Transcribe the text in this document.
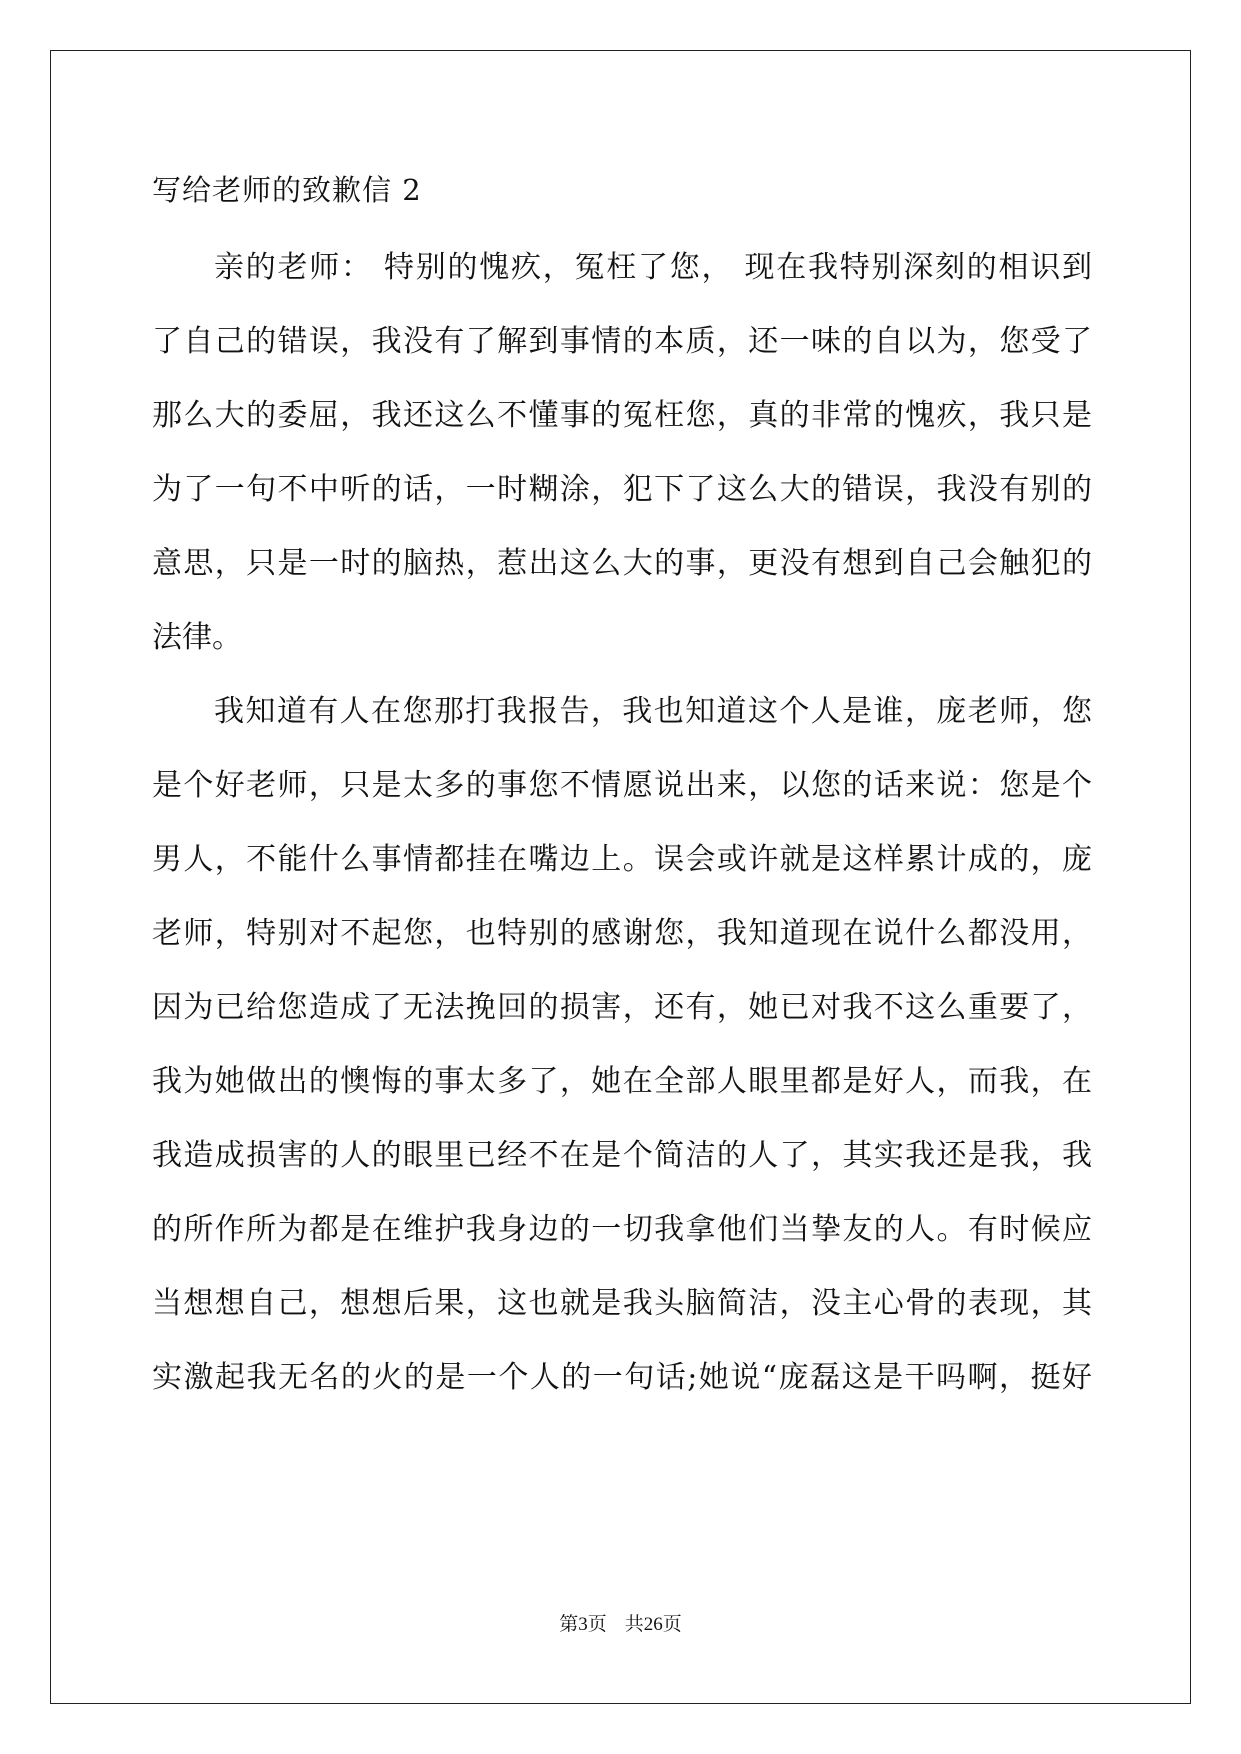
写给老师的致歉信 2
亲的老师： 特别的愧疚，冤枉了您， 现在我特别深刻的相识到
了自己的错误，我没有了解到事情的本质，还一味的自以为，您受了
那么大的委屈，我还这么不懂事的冤枉您，真的非常的愧疚，我只是
为了一句不中听的话，一时糊涂，犯下了这么大的错误，我没有别的
意思，只是一时的脑热，惹出这么大的事，更没有想到自己会触犯的
法律。
我知道有人在您那打我报告，我也知道这个人是谁，庞老师，您
是个好老师，只是太多的事您不情愿说出来，以您的话来说：您是个
男人，不能什么事情都挂在嘴边上。误会或许就是这样累计成的，庞
老师，特别对不起您，也特别的感谢您，我知道现在说什么都没用，
因为已给您造成了无法挽回的损害，还有，她已对我不这么重要了，
我为她做出的懊悔的事太多了，她在全部人眼里都是好人，而我，在
我造成损害的人的眼里已经不在是个简洁的人了，其实我还是我，我
的所作所为都是在维护我身边的一切我拿他们当挚友的人。有时候应
当想想自己，想想后果，这也就是我头脑简洁，没主心骨的表现，其
实激起我无名的火的是一个人的一句话;她说“庞磊这是干吗啊，挺好
第3页 共26页
